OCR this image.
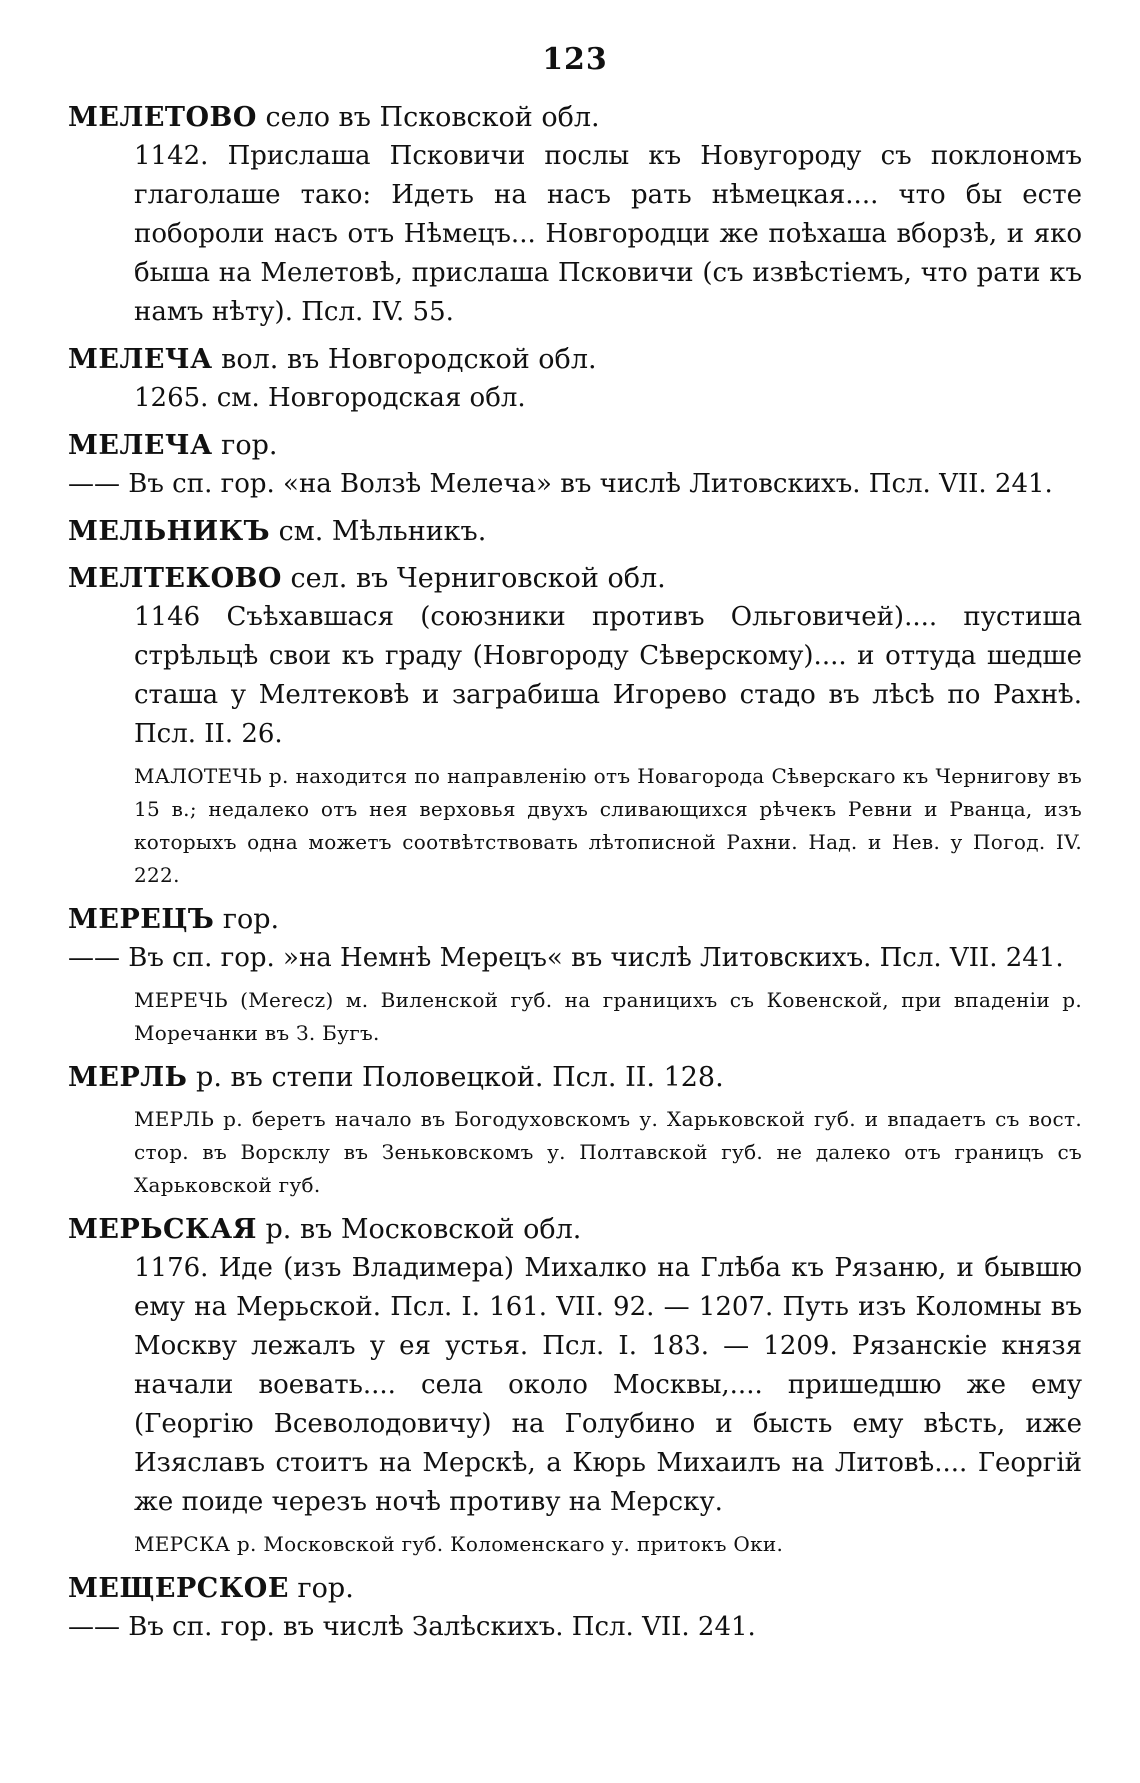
123

МЕЛЕТОВО село въ Псковской обл.

1142. Прислаша Псковичи послы къ Новугороду съ поклономъ глаголаше тако: Идеть на насъ рать нѣмецкая.... что бы есте побороли насъ отъ Нѣмецъ... Новгородци же поѣхаша вборзѣ, и яко быша на Мелетовѣ, прислаша Псковичи (съ извѣстіемъ, что рати къ намъ нѣту). Псл. IV. 55.

МЕЛЕЧА вол. въ Новгородской обл.

1265. см. Новгородская обл.

МЕЛЕЧА гор.

—— Въ сп. гор. «на Волзѣ Мелеча» въ числѣ Литовскихъ. Псл. VII. 241.

МЕЛЬНИКЪ см. Мѣльникъ.

МЕЛТЕКОВО сел. въ Черниговской обл.

1146 Съѣхавшася (союзники противъ Ольговичей).... пустиша стрѣльцѣ свои къ граду (Новгороду Сѣверскому).... и оттуда шедше сташа у Мелтековѣ и заграбиша Игорево стадо въ лѣсѣ по Рахнѣ. Псл. II. 26.

МАЛОТЕЧЬ р. находится по направленію отъ Новагорода Сѣверскаго къ Чернигову въ 15 в.; недалеко отъ нея верховья двухъ сливающихся рѣчекъ Ревни и Рванца, изъ которыхъ одна можетъ соотвѣтствовать лѣтописной Рахни. Над. и Нев. у Погод. IV. 222.

МЕРЕЦЪ гор.

—— Въ сп. гор. »на Немнѣ Мерецъ« въ числѣ Литовскихъ. Псл. VII. 241.

МЕРЕЧЬ (Merecz) м. Виленской губ. на границихъ съ Ковенской, при впаденіи р. Моречанки въ З. Бугъ.

МЕРЛЬ р. въ степи Половецкой. Псл. II. 128.

МЕРЛЬ р. беретъ начало въ Богодуховскомъ у. Харьковской губ. и впадаетъ съ вост. стор. въ Ворсклу въ Зеньковскомъ у. Полтавской губ. не далеко отъ границъ съ Харьковской губ.

МЕРЬСКАЯ р. въ Московской обл.

1176. Иде (изъ Владимера) Михалко на Глѣба къ Рязаню, и бывшю ему на Мерьской. Псл. I. 161. VII. 92. — 1207. Путь изъ Коломны въ Москву лежалъ у ея устья. Псл. I. 183. — 1209. Рязанскіе князя начали воевать.... села около Москвы,.... пришедшю же ему (Георгію Всеволодовичу) на Голубино и бысть ему вѣсть, иже Изяславъ стоитъ на Мерскѣ, а Кюрь Михаилъ на Литовѣ.... Георгій же поиде черезъ ночѣ противу на Мерску.

МЕРСКА р. Московской губ. Коломенскаго у. притокъ Оки.

МЕЩЕРСКОЕ гор.

—— Въ сп. гор. въ числѣ Залѣскихъ. Псл. VII. 241.
